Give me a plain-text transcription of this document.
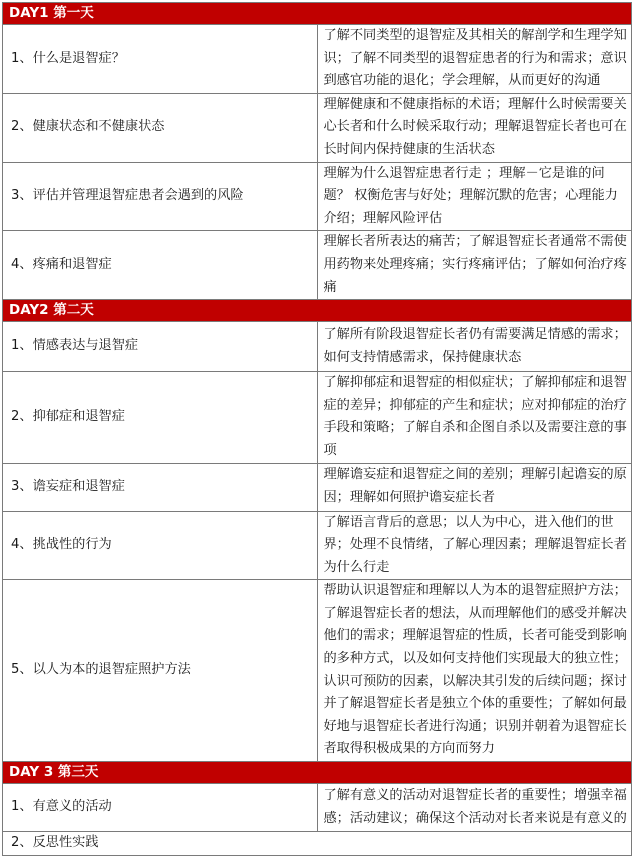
DAY1 第一天	
1、什么是退智症？	了解不同类型的退智症及其相关的解剖学和生理学知识；了解不同类型的退智症患者的行为和需求；意识到感官功能的退化；学会理解，从而更好的沟通
2、健康状态和不健康状态	理解健康和不健康指标的术语；理解什么时候需要关心长者和什么时候采取行动；理解退智症长者也可在长时间内保持健康的生活状态
3、评估并管理退智症患者会遇到的风险	理解为什么退智症患者行走 ；理解－它是谁的问题？ 权衡危害与好处；理解沉默的危害；心理能力介绍；理解风险评估
4、疼痛和退智症	理解长者所表达的痛苦；了解退智症长者通常不需使用药物来处理疼痛；实行疼痛评估；了解如何治疗疼痛
DAY2 第二天	
1、情感表达与退智症	了解所有阶段退智症长者仍有需要满足情感的需求；如何支持情感需求，保持健康状态
2、抑郁症和退智症	了解抑郁症和退智症的相似症状；了解抑郁症和退智症的差异；抑郁症的产生和症状；应对抑郁症的治疗手段和策略；了解自杀和企图自杀以及需要注意的事项
3、谵妄症和退智症	理解谵妄症和退智症之间的差别；理解引起谵妄的原因；理解如何照护谵妄症长者
4、挑战性的行为	了解语言背后的意思；以人为中心，进入他们的世界；处理不良情绪，了解心理因素；理解退智症长者为什么行走
5、以人为本的退智症照护方法	帮助认识退智症和理解以人为本的退智症照护方法；了解退智症长者的想法，从而理解他们的感受并解决他们的需求；理解退智症的性质，长者可能受到影响的多种方式，以及如何支持他们实现最大的独立性；认识可预防的因素，以解决其引发的后续问题；探讨并了解退智症长者是独立个体的重要性；了解如何最好地与退智症长者进行沟通；识别并朝着为退智症长者取得积极成果的方向而努力
DAY 3 第三天	
1、有意义的活动	了解有意义的活动对退智症长者的重要性；增强幸福感；活动建议；确保这个活动对长者来说是有意义的
2、反思性实践	
